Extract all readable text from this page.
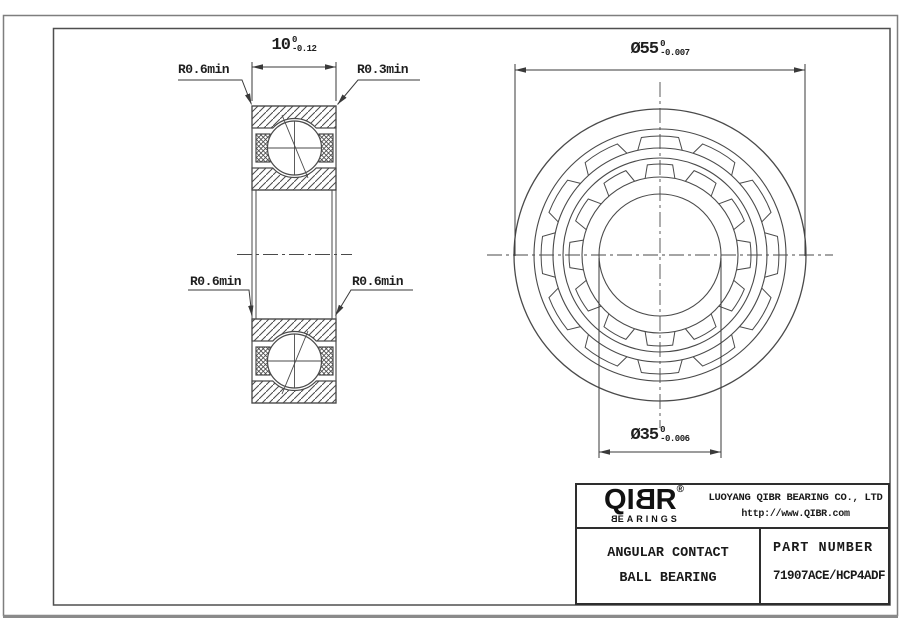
10 0
-0.12	Ø55 0
-0.007
Ø35 0
-0.006
R0.6min	R0.3min
R0.6min	R0.6min
QI B R ®
BEARINGS
LUOYANG QIBR BEARING CO., LTD
http://www.QIBR.com
ANGULAR CONTACT
BALL BEARING
PART NUMBER
71907ACE/HCP4ADF
